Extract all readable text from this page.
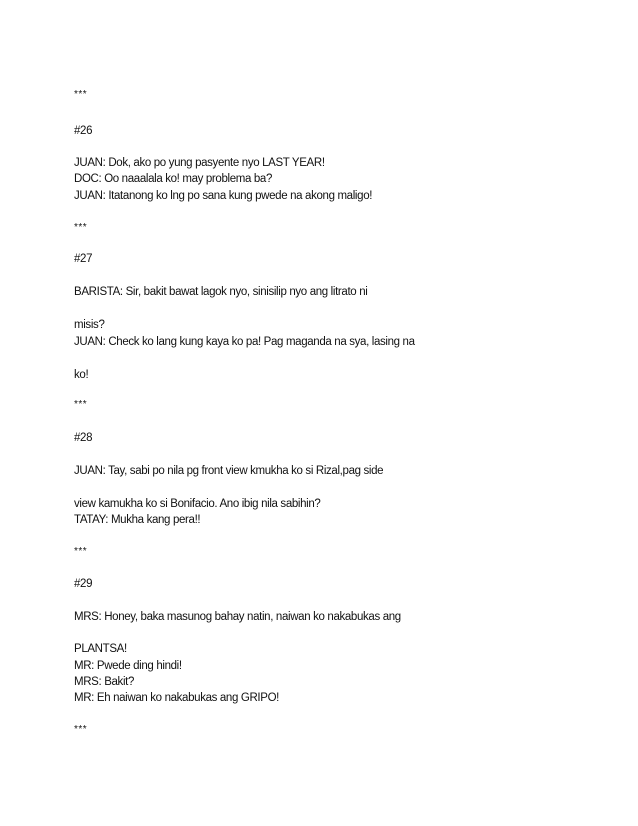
***
#26
JUAN: Dok, ako po yung pasyente nyo LAST YEAR!
DOC: Oo naaalala ko! may problema ba?
JUAN: Itatanong ko lng po sana kung pwede na akong maligo!
***
#27
BARISTA: Sir, bakit bawat lagok nyo, sinisilip nyo ang litrato ni
misis?
JUAN: Check ko lang kung kaya ko pa! Pag maganda na sya, lasing na
ko!
***
#28
JUAN: Tay, sabi po nila pg front view kmukha ko si Rizal,pag side
view kamukha ko si Bonifacio. Ano ibig nila sabihin?
TATAY: Mukha kang pera!!
***
#29
MRS: Honey, baka masunog bahay natin, naiwan ko nakabukas ang
PLANTSA!
MR: Pwede ding hindi!
MRS: Bakit?
MR: Eh naiwan ko nakabukas ang GRIPO!
***
